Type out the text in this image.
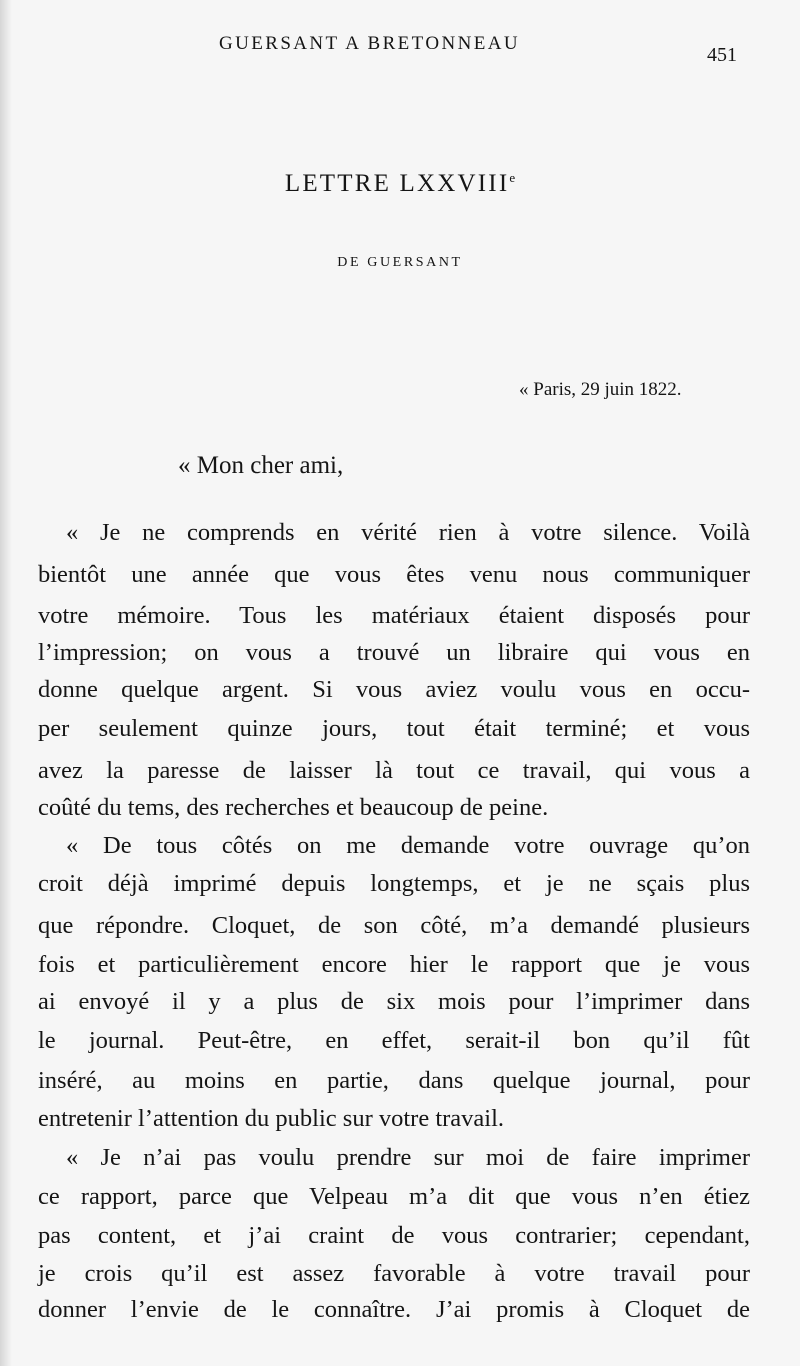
GUERSANT A BRETONNEAU
451
LETTRE LXXVIIIe
DE GUERSANT
« Paris, 29 juin 1822.
« Mon cher ami,
« Je ne comprends en vérité rien à votre silence. Voilà
bientôt une année que vous êtes venu nous communiquer
votre mémoire. Tous les matériaux étaient disposés pour
l’impression; on vous a trouvé un libraire qui vous en
donne quelque argent. Si vous aviez voulu vous en occu-
per seulement quinze jours, tout était terminé; et vous
avez la paresse de laisser là tout ce travail, qui vous a
coûté du tems, des recherches et beaucoup de peine.
« De tous côtés on me demande votre ouvrage qu’on
croit déjà imprimé depuis longtemps, et je ne sçais plus
que répondre. Cloquet, de son côté, m’a demandé plusieurs
fois et particulièrement encore hier le rapport que je vous
ai envoyé il y a plus de six mois pour l’imprimer dans
le journal. Peut-être, en effet, serait-il bon qu’il fût
inséré, au moins en partie, dans quelque journal, pour
entretenir l’attention du public sur votre travail.
« Je n’ai pas voulu prendre sur moi de faire imprimer
ce rapport, parce que Velpeau m’a dit que vous n’en étiez
pas content, et j’ai craint de vous contrarier; cependant,
je crois qu’il est assez favorable à votre travail pour
donner l’envie de le connaître. J’ai promis à Cloquet de
